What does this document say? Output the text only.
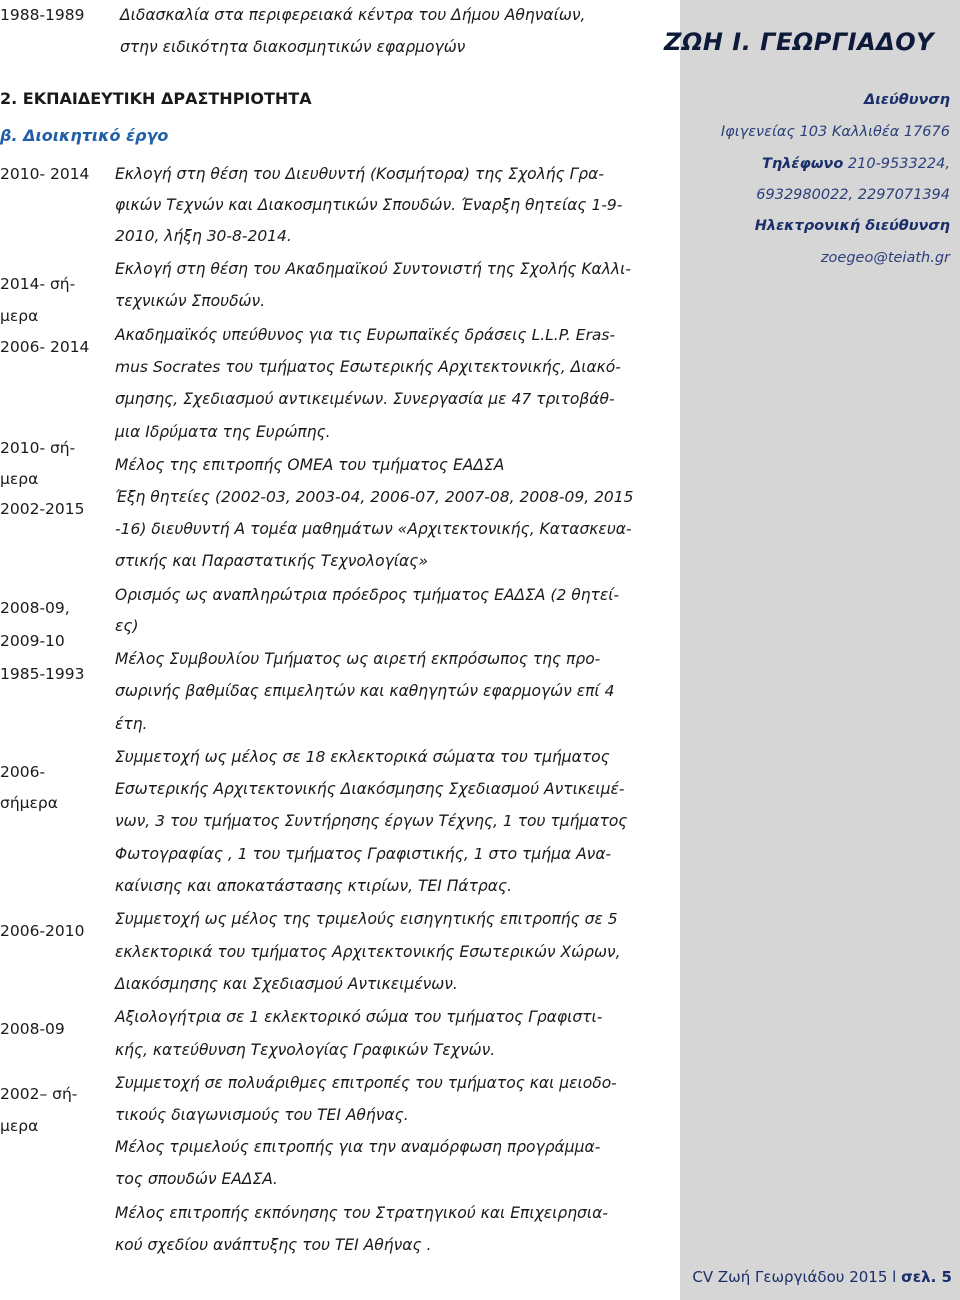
1988-1989 Διδασκαλία στα περιφερειακά κέντρα του Δήμου Αθηναίων,
στην ειδικότητα διακοσμητικών εφαρμογών
2. ΕΚΠΑΙΔΕΥΤΙΚΗ ΔΡΑΣΤΗΡΙΟΤΗΤΑ
β. Διοικητικό έργο
2010- 2014
2014- σή-
μερα
2006- 2014
2010- σή-
μερα
2002-2015
2008-09,
2009-10
1985-1993
2006-
σήμερα
2006-2010
2008-09
2002– σή-
μερα
Εκλογή στη θέση του Διευθυντή (Κοσμήτορα) της Σχολής Γρα-
φικών Τεχνών και Διακοσμητικών Σπουδών. Έναρξη θητείας 1-9-
2010, λήξη 30-8-2014.
Εκλογή στη θέση του Ακαδημαϊκού Συντονιστή της Σχολής Καλλι-
τεχνικών Σπουδών.
Ακαδημαϊκός υπεύθυνος για τις Ευρωπαϊκές δράσεις L.L.P. Eras-
mus Socrates του τμήματος Εσωτερικής Αρχιτεκτονικής, Διακό-
σμησης, Σχεδιασμού αντικειμένων. Συνεργασία με 47 τριτοβάθ-
μια Ιδρύματα της Ευρώπης.
Μέλος της επιτροπής ΟΜΕΑ του τμήματος ΕΑΔΣΑ
Έξη θητείες (2002-03, 2003-04, 2006-07, 2007-08, 2008-09, 2015
-16) διευθυντή Α τομέα μαθημάτων «Αρχιτεκτονικής, Κατασκευα-
στικής και Παραστατικής Τεχνολογίας»
Ορισμός ως αναπληρώτρια πρόεδρος τμήματος ΕΑΔΣΑ (2 θητεί-
ες)
Μέλος Συμβουλίου Τμήματος ως αιρετή εκπρόσωπος της προ-
σωρινής βαθμίδας επιμελητών και καθηγητών εφαρμογών επί 4
έτη.
Συμμετοχή ως μέλος σε 18 εκλεκτορικά σώματα του τμήματος
Εσωτερικής Αρχιτεκτονικής Διακόσμησης Σχεδιασμού Αντικειμέ-
νων, 3 του τμήματος Συντήρησης έργων Τέχνης, 1 του τμήματος
Φωτογραφίας , 1 του τμήματος Γραφιστικής, 1 στο τμήμα Ανα-
καίνισης και αποκατάστασης κτιρίων, ΤΕΙ Πάτρας.
Συμμετοχή ως μέλος της τριμελούς εισηγητικής επιτροπής σε 5
εκλεκτορικά του τμήματος Αρχιτεκτονικής Εσωτερικών Χώρων,
Διακόσμησης και Σχεδιασμού Αντικειμένων.
Αξιολογήτρια σε 1 εκλεκτορικό σώμα του τμήματος Γραφιστι-
κής, κατεύθυνση Τεχνολογίας Γραφικών Τεχνών.
Συμμετοχή σε πολυάριθμες επιτροπές του τμήματος και μειοδο-
τικούς διαγωνισμούς του ΤΕΙ Αθήνας.
Μέλος τριμελούς επιτροπής για την αναμόρφωση προγράμμα-
τος σπουδών ΕΑΔΣΑ.
Μέλος επιτροπής εκπόνησης του Στρατηγικού και Επιχειρησια-
κού σχεδίου ανάπτυξης του ΤΕΙ Αθήνας .
ΖΩΗ Ι. ΓΕΩΡΓΙΑΔΟΥ
Διεύθυνση
Ιφιγενείας 103 Καλλιθέα 17676
Τηλέφωνο 210-9533224,
6932980022, 2297071394
Ηλεκτρονική διεύθυνση
zoegeo@teiath.gr
CV Ζωή Γεωργιάδου 2015 l σελ. 5
